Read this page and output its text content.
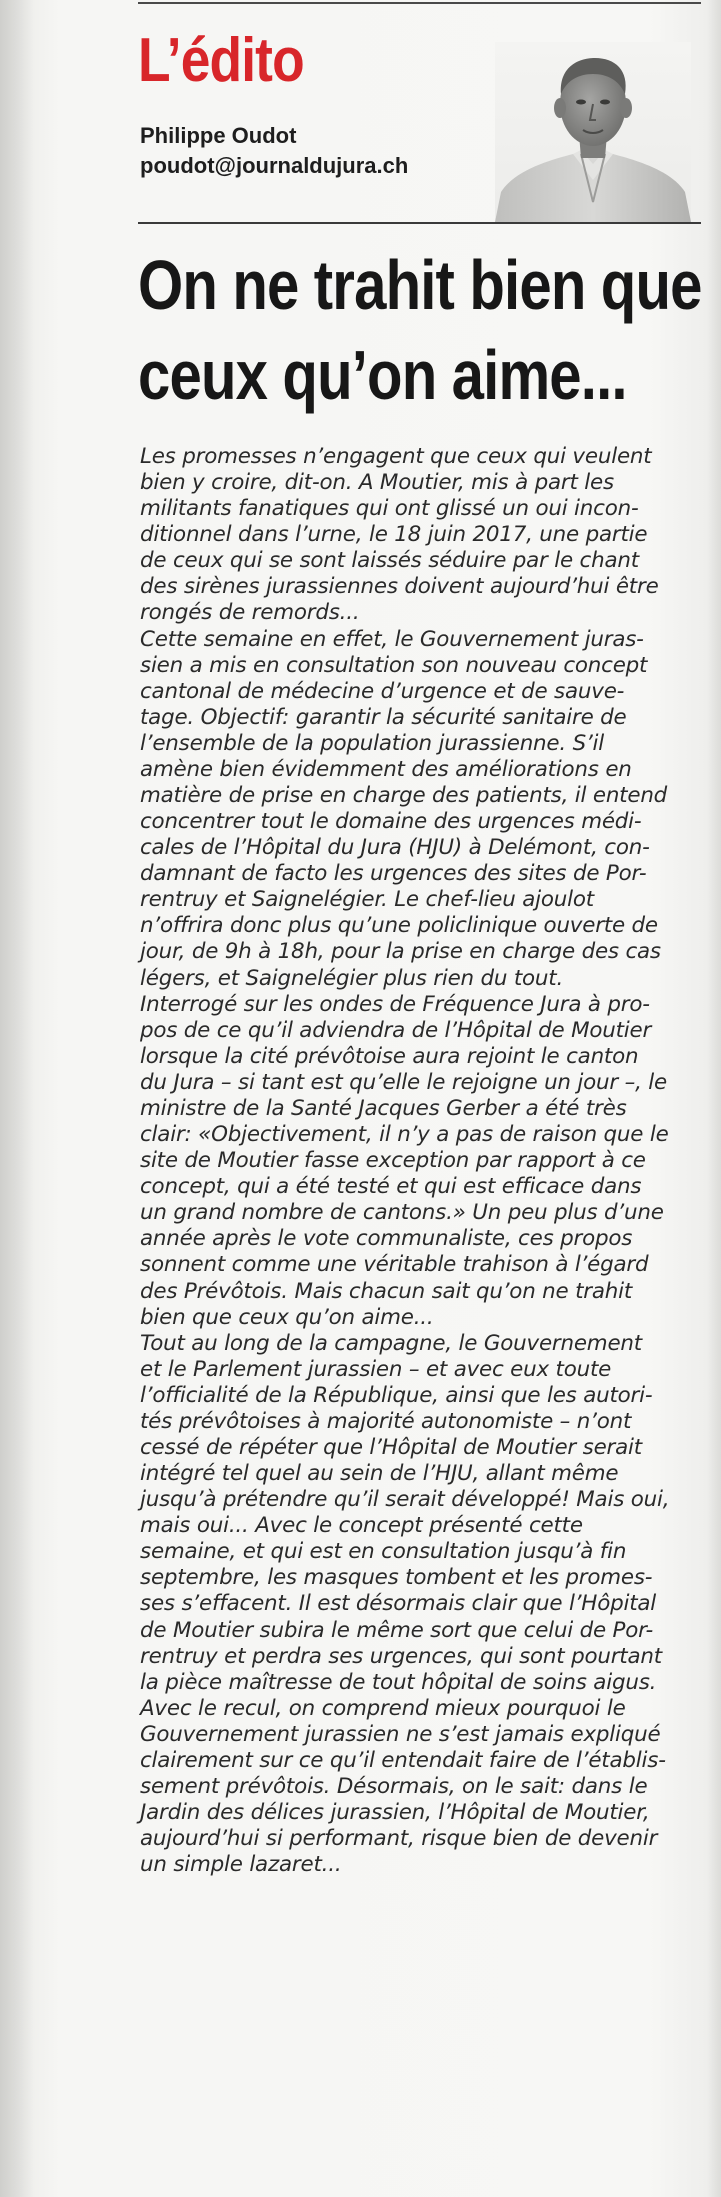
L’édito
Philippe Oudot
poudot@journaldujura.ch
On ne trahit bien que
ceux qu’on aime...
Les promesses n’engagent que ceux qui veulent
bien y croire, dit-on. A Moutier, mis à part les
militants fanatiques qui ont glissé un oui incon-
ditionnel dans l’urne, le 18 juin 2017, une partie
de ceux qui se sont laissés séduire par le chant
des sirènes jurassiennes doivent aujourd’hui être
rongés de remords...
Cette semaine en effet, le Gouvernement juras-
sien a mis en consultation son nouveau concept
cantonal de médecine d’urgence et de sauve-
tage. Objectif: garantir la sécurité sanitaire de
l’ensemble de la population jurassienne. S’il
amène bien évidemment des améliorations en
matière de prise en charge des patients, il entend
concentrer tout le domaine des urgences médi-
cales de l’Hôpital du Jura (HJU) à Delémont, con-
damnant de facto les urgences des sites de Por-
rentruy et Saignelégier. Le chef-lieu ajoulot
n’offrira donc plus qu’une policlinique ouverte de
jour, de 9h à 18h, pour la prise en charge des cas
légers, et Saignelégier plus rien du tout.
Interrogé sur les ondes de Fréquence Jura à pro-
pos de ce qu’il adviendra de l’Hôpital de Moutier
lorsque la cité prévôtoise aura rejoint le canton
du Jura – si tant est qu’elle le rejoigne un jour –, le
ministre de la Santé Jacques Gerber a été très
clair: «Objectivement, il n’y a pas de raison que le
site de Moutier fasse exception par rapport à ce
concept, qui a été testé et qui est efficace dans
un grand nombre de cantons.» Un peu plus d’une
année après le vote communaliste, ces propos
sonnent comme une véritable trahison à l’égard
des Prévôtois. Mais chacun sait qu’on ne trahit
bien que ceux qu’on aime...
Tout au long de la campagne, le Gouvernement
et le Parlement jurassien – et avec eux toute
l’officialité de la République, ainsi que les autori-
tés prévôtoises à majorité autonomiste – n’ont
cessé de répéter que l’Hôpital de Moutier serait
intégré tel quel au sein de l’HJU, allant même
jusqu’à prétendre qu’il serait développé! Mais oui,
mais oui... Avec le concept présenté cette
semaine, et qui est en consultation jusqu’à fin
septembre, les masques tombent et les promes-
ses s’effacent. Il est désormais clair que l’Hôpital
de Moutier subira le même sort que celui de Por-
rentruy et perdra ses urgences, qui sont pourtant
la pièce maîtresse de tout hôpital de soins aigus.
Avec le recul, on comprend mieux pourquoi le
Gouvernement jurassien ne s’est jamais expliqué
clairement sur ce qu’il entendait faire de l’établis-
sement prévôtois. Désormais, on le sait: dans le
Jardin des délices jurassien, l’Hôpital de Moutier,
aujourd’hui si performant, risque bien de devenir
un simple lazaret...
